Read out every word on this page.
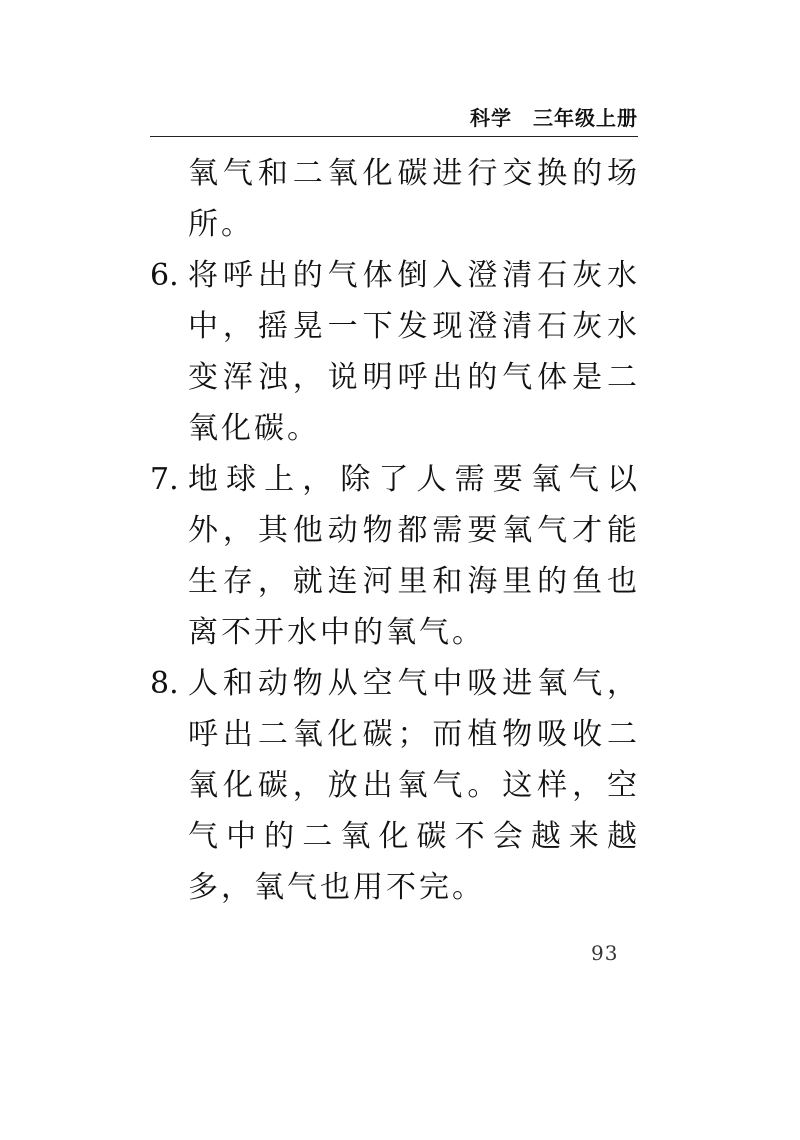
科学　三年级上册
氧气和二氧化碳进行交换的场所。
6. 将呼出的气体倒入澄清石灰水中，摇晃一下发现澄清石灰水变浑浊，说明呼出的气体是二氧化碳。
7. 地球上，除了人需要氧气以外，其他动物都需要氧气才能生存，就连河里和海里的鱼也离不开水中的氧气。
8. 人和动物从空气中吸进氧气，呼出二氧化碳；而植物吸收二氧化碳，放出氧气。这样，空气中的二氧化碳不会越来越多，氧气也用不完。
93
